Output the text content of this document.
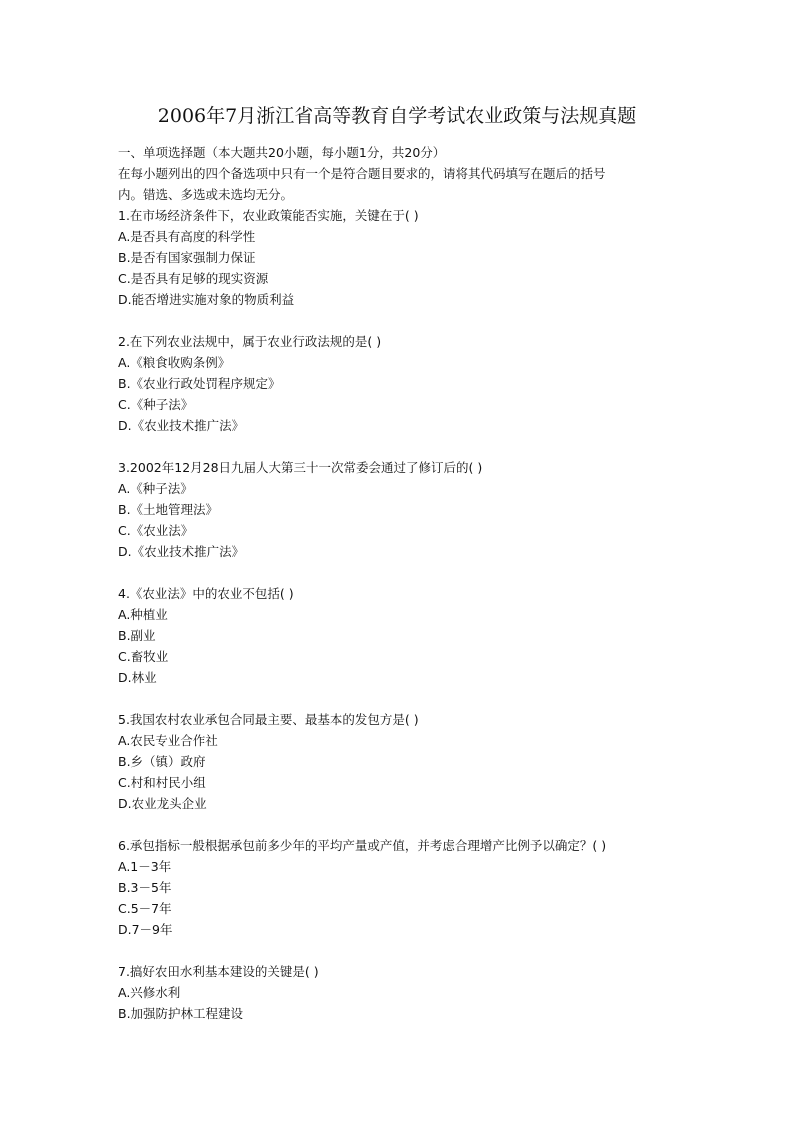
2006年7月浙江省高等教育自学考试农业政策与法规真题
一、单项选择题（本大题共20小题，每小题1分，共20分）
在每小题列出的四个备选项中只有一个是符合题目要求的，请将其代码填写在题后的括号
内。错选、多选或未选均无分。
1.在市场经济条件下，农业政策能否实施，关键在于( )
A.是否具有高度的科学性
B.是否有国家强制力保证
C.是否具有足够的现实资源
D.能否增进实施对象的物质利益
2.在下列农业法规中，属于农业行政法规的是( )
A.《粮食收购条例》
B.《农业行政处罚程序规定》
C.《种子法》
D.《农业技术推广法》
3.2002年12月28日九届人大第三十一次常委会通过了修订后的( )
A.《种子法》
B.《土地管理法》
C.《农业法》
D.《农业技术推广法》
4.《农业法》中的农业不包括( )
A.种植业
B.副业
C.畜牧业
D.林业
5.我国农村农业承包合同最主要、最基本的发包方是( )
A.农民专业合作社
B.乡（镇）政府
C.村和村民小组
D.农业龙头企业
6.承包指标一般根据承包前多少年的平均产量或产值，并考虑合理增产比例予以确定？( )
A.1－3年
B.3－5年
C.5－7年
D.7－9年
7.搞好农田水利基本建设的关键是( )
A.兴修水利
B.加强防护林工程建设
